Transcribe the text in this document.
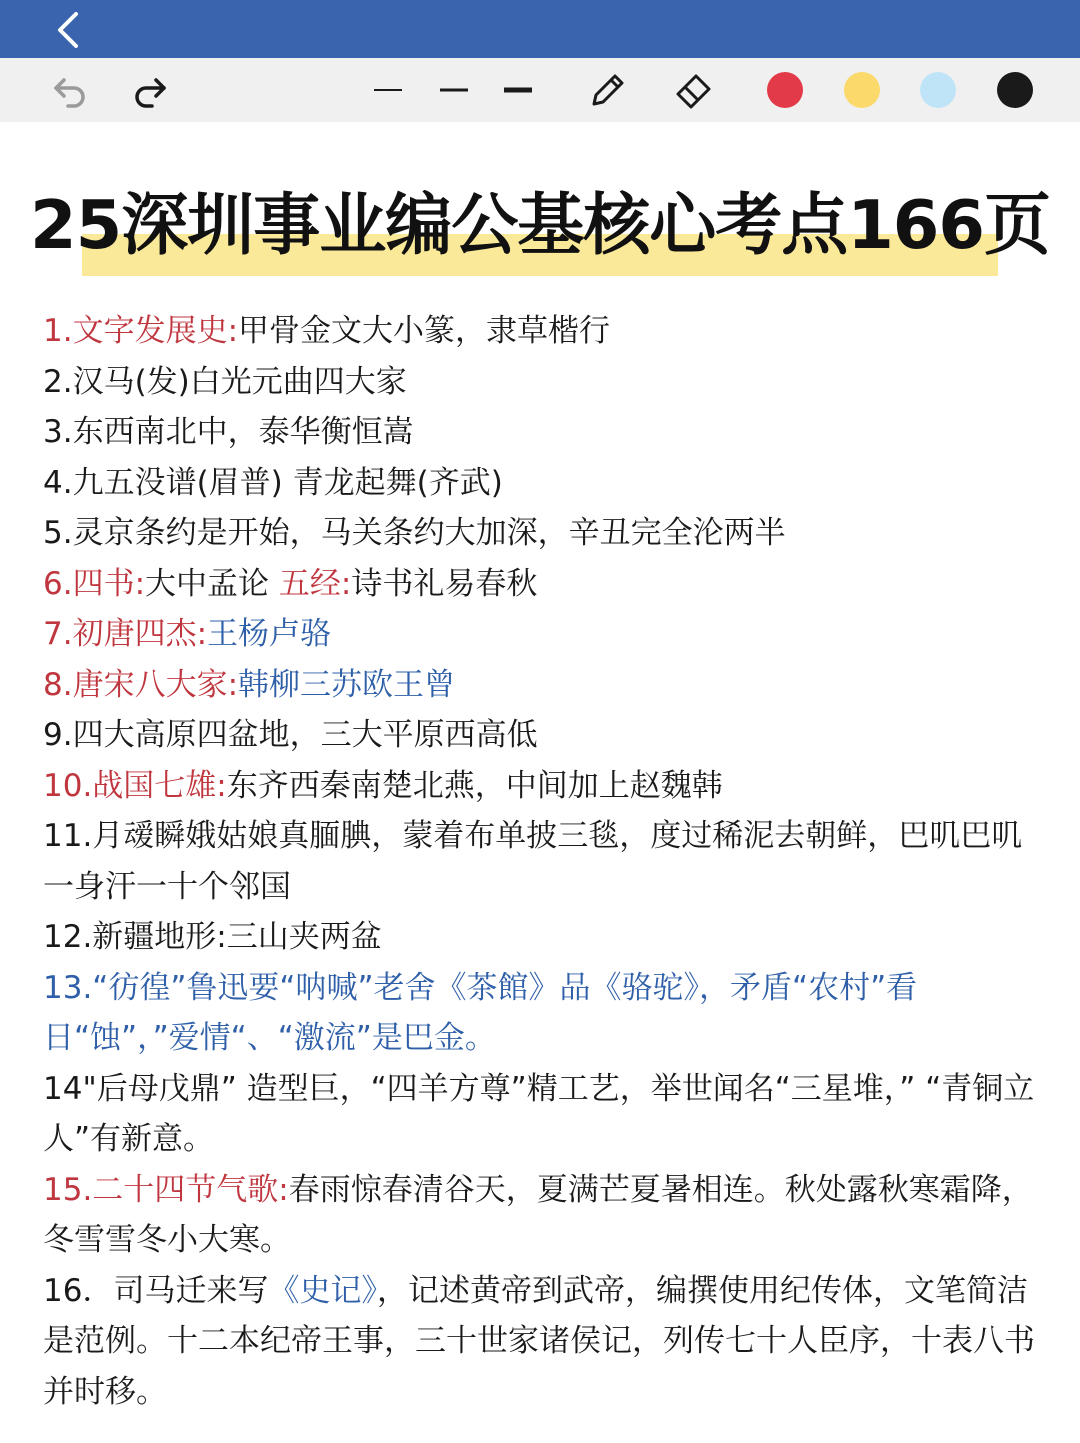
25深圳事业编公基核心考点166页
1.文字发展史:甲骨金文大小篆，隶草楷行
2.汉马(发)白光元曲四大家
3.东西南北中，泰华衡恒嵩
4.九五没谱(眉普) 青龙起舞(齐武)
5.灵京条约是开始，马关条约大加深，辛丑完全沦两半
6.四书:大中孟论 五经:诗书礼易春秋
7.初唐四杰:王杨卢骆
8.唐宋八大家:韩柳三苏欧王曾
9.四大高原四盆地，三大平原西高低
10.战国七雄:东齐西秦南楚北燕，中间加上赵魏韩
11.月叆瞬娥姑娘真腼腆，蒙着布单披三毯，度过稀泥去朝鲜，巴叽巴叽一身汗一十个邻国
12.新疆地形:三山夹两盆
13.“彷徨”鲁迅要“呐喊”老舍《茶館》品《骆驼》，矛盾“农村”看日“蚀”，”爱情“、“激流”是巴金。
14"后母戊鼎” 造型巨，“四羊方尊”精工艺，举世闻名“三星堆，” “青铜立人”有新意。
15.二十四节气歌:春雨惊春清谷天，夏满芒夏暑相连。秋处露秋寒霜降，冬雪雪冬小大寒。
16．司马迁来写《史记》，记述黄帝到武帝，编撰使用纪传体，文笔简洁是范例。十二本纪帝王事，三十世家诸侯记，列传七十人臣序，十表八书并时移。
